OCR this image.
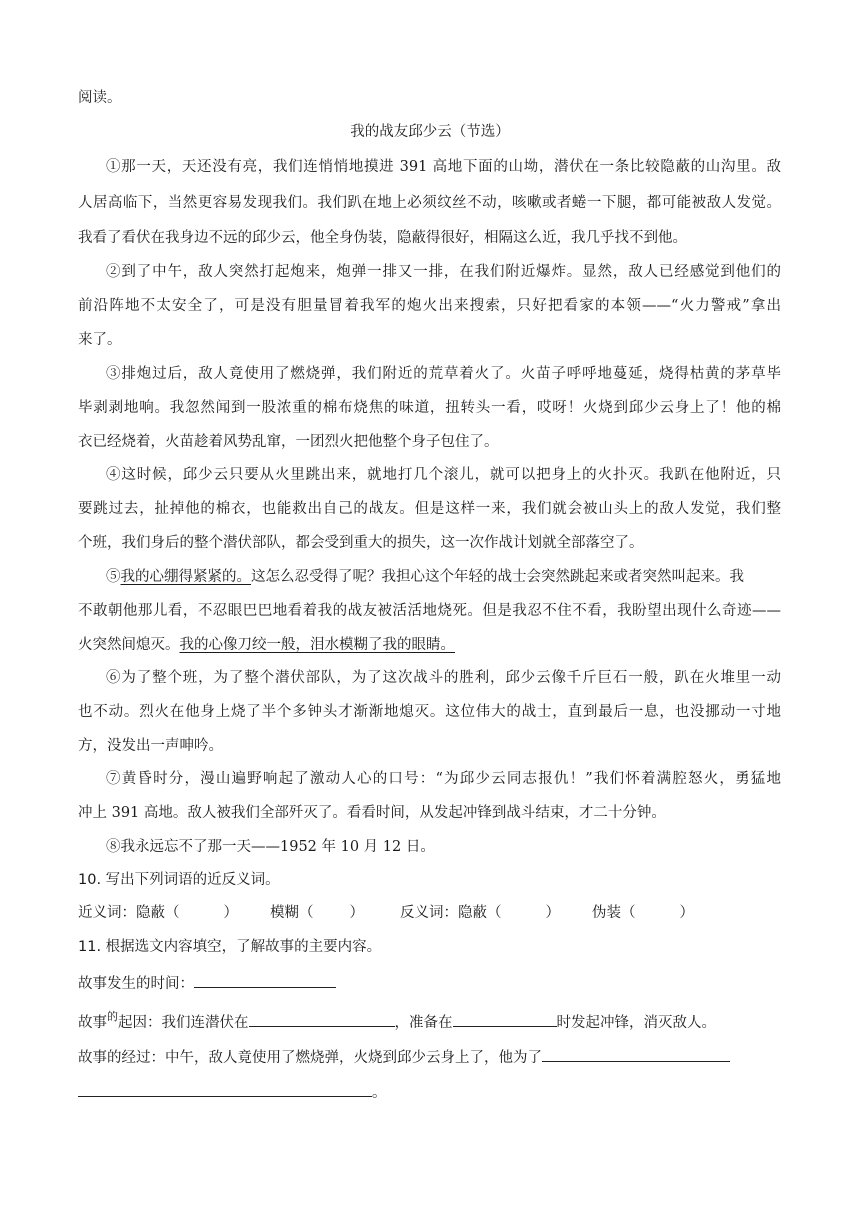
阅读。
我的战友邱少云（节选）
①那一天，天还没有亮，我们连悄悄地摸进 391 高地下面的山坳，潜伏在一条比较隐蔽的山沟里。敌
人居高临下，当然更容易发现我们。我们趴在地上必须纹丝不动，咳嗽或者蜷一下腿，都可能被敌人发觉。
我看了看伏在我身边不远的邱少云，他全身伪装，隐蔽得很好，相隔这么近，我几乎找不到他。
②到了中午，敌人突然打起炮来，炮弹一排又一排，在我们附近爆炸。显然，敌人已经感觉到他们的
前沿阵地不太安全了，可是没有胆量冒着我军的炮火出来搜索，只好把看家的本领——“火力警戒”拿出
来了。
③排炮过后，敌人竟使用了燃烧弹，我们附近的荒草着火了。火苗子呼呼地蔓延，烧得枯黄的茅草毕
毕剥剥地响。我忽然闻到一股浓重的棉布烧焦的味道，扭转头一看，哎呀！火烧到邱少云身上了！他的棉
衣已经烧着，火苗趁着风势乱窜，一团烈火把他整个身子包住了。
④这时候，邱少云只要从火里跳出来，就地打几个滚儿，就可以把身上的火扑灭。我趴在他附近，只
要跳过去，扯掉他的棉衣，也能救出自己的战友。但是这样一来，我们就会被山头上的敌人发觉，我们整
个班，我们身后的整个潜伏部队，都会受到重大的损失，这一次作战计划就全部落空了。
⑤我的心绷得紧紧的。这怎么忍受得了呢？我担心这个年轻的战士会突然跳起来或者突然叫起来。我
不敢朝他那儿看，不忍眼巴巴地看着我的战友被活活地烧死。但是我忍不住不看，我盼望出现什么奇迹——
火突然间熄灭。我的心像刀绞一般，泪水模糊了我的眼睛。
⑥为了整个班，为了整个潜伏部队，为了这次战斗的胜利，邱少云像千斤巨石一般，趴在火堆里一动
也不动。烈火在他身上烧了半个多钟头才渐渐地熄灭。这位伟大的战士，直到最后一息，也没挪动一寸地
方，没发出一声呻吟。
⑦黄昏时分，漫山遍野响起了激动人心的口号：“为邱少云同志报仇！”我们怀着满腔怒火，勇猛地
冲上 391 高地。敌人被我们全部歼灭了。看看时间，从发起冲锋到战斗结束，才二十分钟。
⑧我永远忘不了那一天——1952 年 10 月 12 日。
10. 写出下列词语的近反义词。
近义词：隐蔽（	） 模糊（ ） 反义词：隐蔽（	） 伪装（	）
11. 根据选文内容填空，了解故事的主要内容。
故事发生的时间：
故事$^的$起因：我们连潜伏在	，准备在	时发起冲锋，消灭敌人。
故事的经过：中午，敌人竟使用了燃烧弹，火烧到邱少云身上了，他为了
。
